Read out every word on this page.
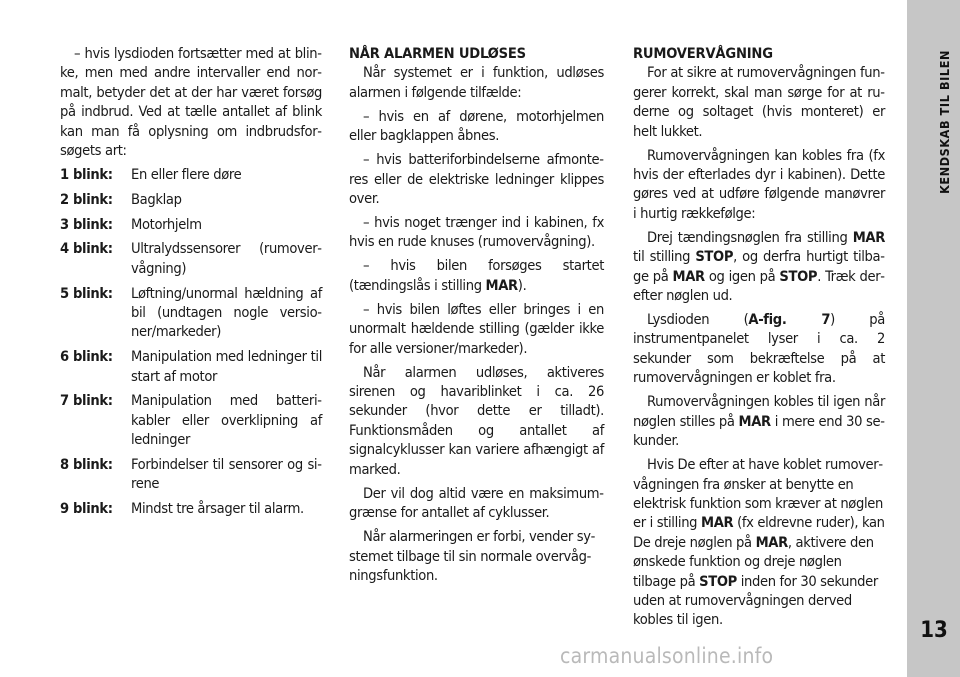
KENDSKAB TIL BILEN
13
carmanualsonline.info

– hvis lysdioden fortsætter med at blinke, men med andre intervaller end normalt, betyder det at der har været forsøg på indbrud. Ved at tælle antallet af blink kan man få oplysning om indbrudsforsøgets art:

1 blink:	En eller flere døre
2 blink:	Bagklap
3 blink:	Motorhjelm
4 blink:	Ultralydssensorer (rumovervågning)
5 blink:	Løftning/unormal hældning af bil (undtagen nogle versioner/markeder)
6 blink:	Manipulation med ledninger til start af motor
7 blink:	Manipulation med batterikabler eller overklipning af ledninger
8 blink:	Forbindelser til sensorer og sirene
9 blink:	Mindst tre årsager til alarm.
NÅR ALARMEN UDLØSES

Når systemet er i funktion, udløses alarmen i følgende tilfælde:

– hvis en af dørene, motorhjelmen eller bagklappen åbnes.

– hvis batteriforbindelserne afmonteres eller de elektriske ledninger klippes over.

– hvis noget trænger ind i kabinen, fx hvis en rude knuses (rumovervågning).

– hvis bilen forsøges startet (tændingslås i stilling MAR).

– hvis bilen løftes eller bringes i en unormalt hældende stilling (gælder ikke for alle versioner/markeder).

Når alarmen udløses, aktiveres sirenen og havariblinket i ca. 26 sekunder (hvor dette er tilladt). Funktionsmåden og antallet af signalcyklusser kan variere afhængigt af marked.

Der vil dog altid være en maksimumgrænse for antallet af cyklusser.

Når alarmeringen er forbi, vender systemet tilbage til sin normale overvågningsfunktion.

RUMOVERVÅGNING

For at sikre at rumovervågningen fungerer korrekt, skal man sørge for at ruderne og soltaget (hvis monteret) er helt lukket.

Rumovervågningen kan kobles fra (fx hvis der efterlades dyr i kabinen). Dette gøres ved at udføre følgende manøvrer i hurtig rækkefølge:

Drej tændingsnøglen fra stilling MAR til stilling STOP, og derfra hurtigt tilbage på MAR og igen på STOP. Træk derefter nøglen ud.

Lysdioden (A-fig. 7) på instrumentpanelet lyser i ca. 2 sekunder som bekræftelse på at rumovervågningen er koblet fra.

Rumovervågningen kobles til igen når nøglen stilles på MAR i mere end 30 sekunder.

Hvis De efter at have koblet rumovervågningen fra ønsker at benytte en elektrisk funktion som kræver at nøglen er i stilling MAR (fx eldrevne ruder), kan De dreje nøglen på MAR, aktivere den ønskede funktion og dreje nøglen tilbage på STOP inden for 30 sekunder uden at rumovervågningen derved kobles til igen.
